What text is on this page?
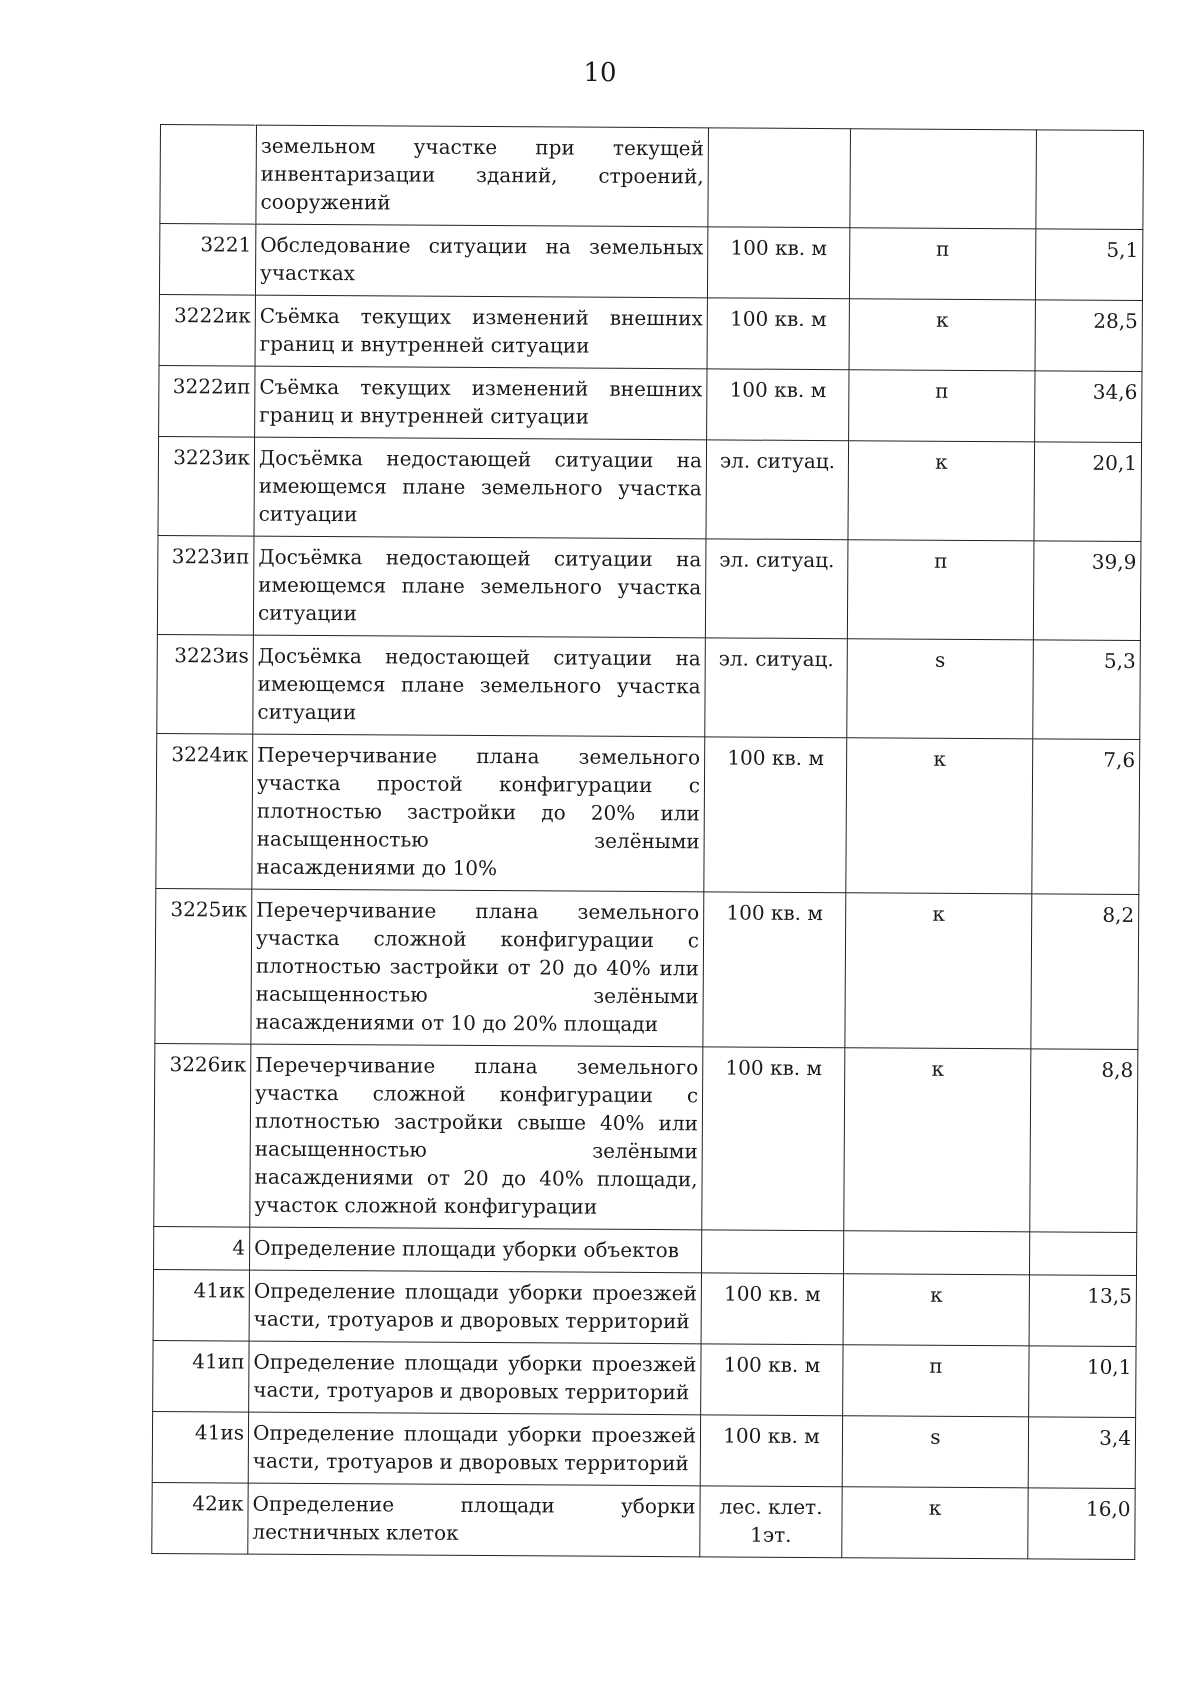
10
	земельном участке при текущей инвентаризации зданий, строений, сооружений			
3221	Обследование ситуации на земельных участках	100 кв. м	п	5,1
3222ик	Съёмка текущих изменений внешних границ и внутренней ситуации	100 кв. м	к	28,5
3222ип	Съёмка текущих изменений внешних границ и внутренней ситуации	100 кв. м	п	34,6
3223ик	Досъёмка недостающей ситуации на имеющемся плане земельного участка ситуации	эл. ситуац.	к	20,1
3223ип	Досъёмка недостающей ситуации на имеющемся плане земельного участка ситуации	эл. ситуац.	п	39,9
3223иs	Досъёмка недостающей ситуации на имеющемся плане земельного участка ситуации	эл. ситуац.	s	5,3
3224ик	Перечерчивание плана земельного участка простой конфигурации с плотностью застройки до 20% или насыщенностью зелёными насаждениями до 10%	100 кв. м	к	7,6
3225ик	Перечерчивание плана земельного участка сложной конфигурации с плотностью застройки от 20 до 40% или насыщенностью зелёными насаждениями от 10 до 20% площади	100 кв. м	к	8,2
3226ик	Перечерчивание плана земельного участка сложной конфигурации с плотностью застройки свыше 40% или насыщенностью зелёными насаждениями от 20 до 40% площади, участок сложной конфигурации	100 кв. м	к	8,8
4	Определение площади уборки объектов			
41ик	Определение площади уборки проезжей части, тротуаров и дворовых территорий	100 кв. м	к	13,5
41ип	Определение площади уборки проезжей части, тротуаров и дворовых территорий	100 кв. м	п	10,1
41иs	Определение площади уборки проезжей части, тротуаров и дворовых территорий	100 кв. м	s	3,4
42ик	Определение площади уборки лестничных клеток	лес. клет. 1эт.	к	16,0
